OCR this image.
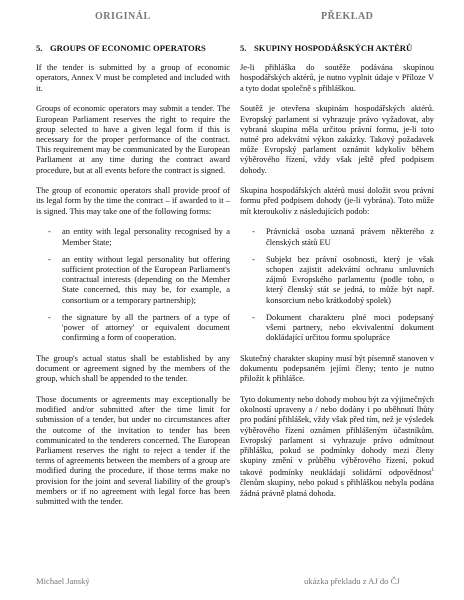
ORIGINÁL	PŘEKLAD
5. GROUPS OF ECONOMIC OPERATORS

If the tender is submitted by a group of economic operators, Annex V must be completed and included with it.

Groups of economic operators may submit a tender. The European Parliament reserves the right to require the group selected to have a given legal form if this is necessary for the proper performance of the contract. This requirement may be communicated by the European Parliament at any time during the contract award procedure, but at all events before the contract is signed.

The group of economic operators shall provide proof of its legal form by the time the contract – if awarded to it – is signed. This may take one of the following forms:

- an entity with legal personality recognised by a Member State;
- an entity without legal personality but offering sufficient protection of the European Parliament's contractual interests (depending on the Member State concerned, this may be, for example, a consortium or a temporary partnership);
- the signature by all the partners of a type of 'power of attorney' or equivalent document confirming a form of cooperation.

The group's actual status shall be established by any document or agreement signed by the members of the group, which shall be appended to the tender.

Those documents or agreements may exceptionally be modified and/or submitted after the time limit for submission of a tender, but under no circumstances after the outcome of the invitation to tender has been communicated to the tenderers concerned. The European Parliament reserves the right to reject a tender if the terms of agreements between the members of a group are modified during the procedure, if those terms make no provision for the joint and several liability of the group's members or if no agreement with legal force has been submitted with the tender.

5. SKUPINY HOSPODÁŘSKÝCH AKTÉRŮ

Je-li přihláška do soutěže podávána skupinou hospodářských aktérů, je nutno vyplnit údaje v Příloze V a tyto dodat společně s přihláškou.

Soutěž je otevřena skupinám hospodářských aktérů. Evropský parlament si vyhrazuje právo vyžadovat, aby vybraná skupina měla určitou právní formu, je-li toto nutné pro adekvátní výkon zakázky. Takový požadavek může Evropský parlament oznámit kdykoliv během výběrového řízení, vždy však ještě před podpisem dohody.

Skupina hospodářských aktérů musí doložit svou právní formu před podpisem dohody (je-li vybrána). Toto může mít kteroukoliv z následujících podob:

- Právnická osoba uznaná právem některého z členských států EU
- Subjekt bez právní osobnosti, který je však schopen zajistit adekvátní ochranu smluvních zájmů Evropského parlamentu (podle toho, o který členský stát se jedná, to může být např. konsorcium nebo krátkodobý spolek)
- Dokument charakteru plné moci podepsaný všemi partnery, nebo ekvivalentní dokument dokládající určitou formu spolupráce

Skutečný charakter skupiny musí být písemně stanoven v dokumentu podepsaném jejími členy; tento je nutno přiložit k přihlášce.

Tyto dokumenty nebo dohody mohou být za výjimečných okolností upraveny a / nebo dodány i po uběhnutí lhůty pro podání přihlášek, vždy však před tím, než je výsledek výběrového řízení oznámen přihlášeným účastníkům. Evropský parlament si vyhrazuje právo odmítnout přihlášku, pokud se podmínky dohody mezi členy skupiny změní v průběhu výběrového řízení, pokud takové podmínky neukládají solidární odpovědnost$^1$ členům skupiny, nebo pokud s přihláškou nebyla podána žádná právně platná dohoda.

Michael Janský	ukázka překladu z AJ do ČJ
